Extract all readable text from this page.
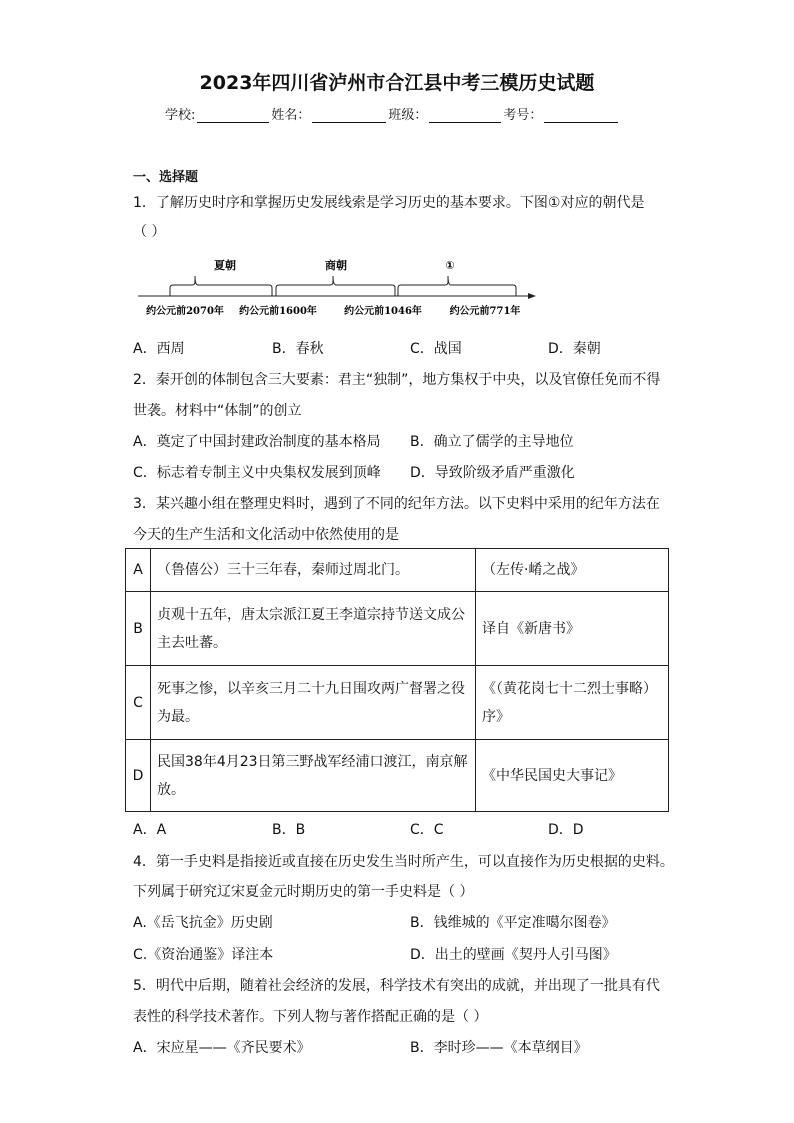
2023年四川省泸州市合江县中考三模历史试题
学校:	姓名：	班级：	考号：
一、选择题
1．了解历史时序和掌握历史发展线索是学习历史的基本要求。下图①对应的朝代是
（ ）
夏朝	商朝	①
约公元前2070年 约公元前1600年	约公元前1046年	约公元前771年
A．西周	B．春秋	C．战国	D．秦朝
2．秦开创的体制包含三大要素：君主“独制”，地方集权于中央，以及官僚任免而不得
世袭。材料中“体制”的创立
A．奠定了中国封建政治制度的基本格局 B．确立了儒学的主导地位
C．标志着专制主义中央集权发展到顶峰 D．导致阶级矛盾严重激化
3．某兴趣小组在整理史料时，遇到了不同的纪年方法。以下史料中采用的纪年方法在
今天的生产生活和文化活动中依然使用的是
A	（鲁僖公）三十三年春，秦师过周北门。	（左传·崤之战》
B	贞观十五年，唐太宗派江夏王李道宗持节送文成公主去吐蕃。	译自《新唐书》
C	死事之惨，以辛亥三月二十九日围攻两广督署之役为最。	《（黄花岗七十二烈士事略）序》
D	民国38年4月23日第三野战军经浦口渡江，南京解放。	《中华民国史大事记》
A．A	B．B	C．C	D．D
4．第一手史料是指接近或直接在历史发生当时所产生，可以直接作为历史根据的史料。
下列属于研究辽宋夏金元时期历史的第一手史料是（ ）
A.《岳飞抗金》历史剧	B．钱维城的《平定准噶尔图卷》
C.《资治通鉴》译注本	D．出土的壁画《契丹人引马图》
5．明代中后期，随着社会经济的发展，科学技术有突出的成就，并出现了一批具有代
表性的科学技术著作。下列人物与著作搭配正确的是（ ）
A．宋应星——《齐民要术》	B．李时珍——《本草纲目》
